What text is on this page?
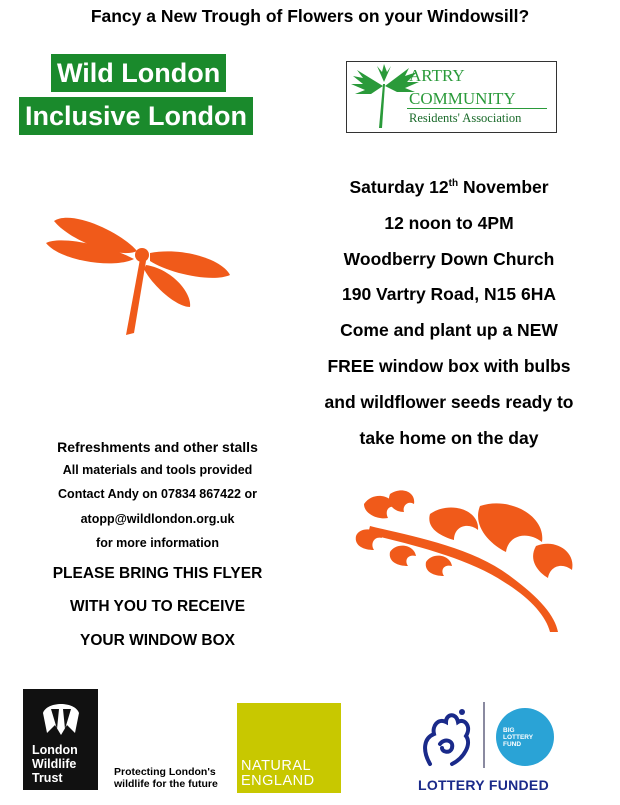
Fancy a New Trough of Flowers on your Windowsill?
Wild London
Inclusive London
ARTRY
COMMUNITY
Residents' Association
Saturday 12th November
12 noon to 4PM
Woodberry Down Church
190 Vartry Road, N15 6HA
Come and plant up a NEW
FREE window box with bulbs
and wildflower seeds ready to
take home on the day
Refreshments and other stalls
All materials and tools provided
Contact Andy on 07834 867422 or
atopp@wildlondon.org.uk
for more information
PLEASE BRING THIS FLYER
WITH YOU TO RECEIVE
YOUR WINDOW BOX
London
Wildlife
Trust	Protecting London's
wildlife for the future
NATURAL
ENGLAND
BIG
LOTTERY
FUND
LOTTERY FUNDED
